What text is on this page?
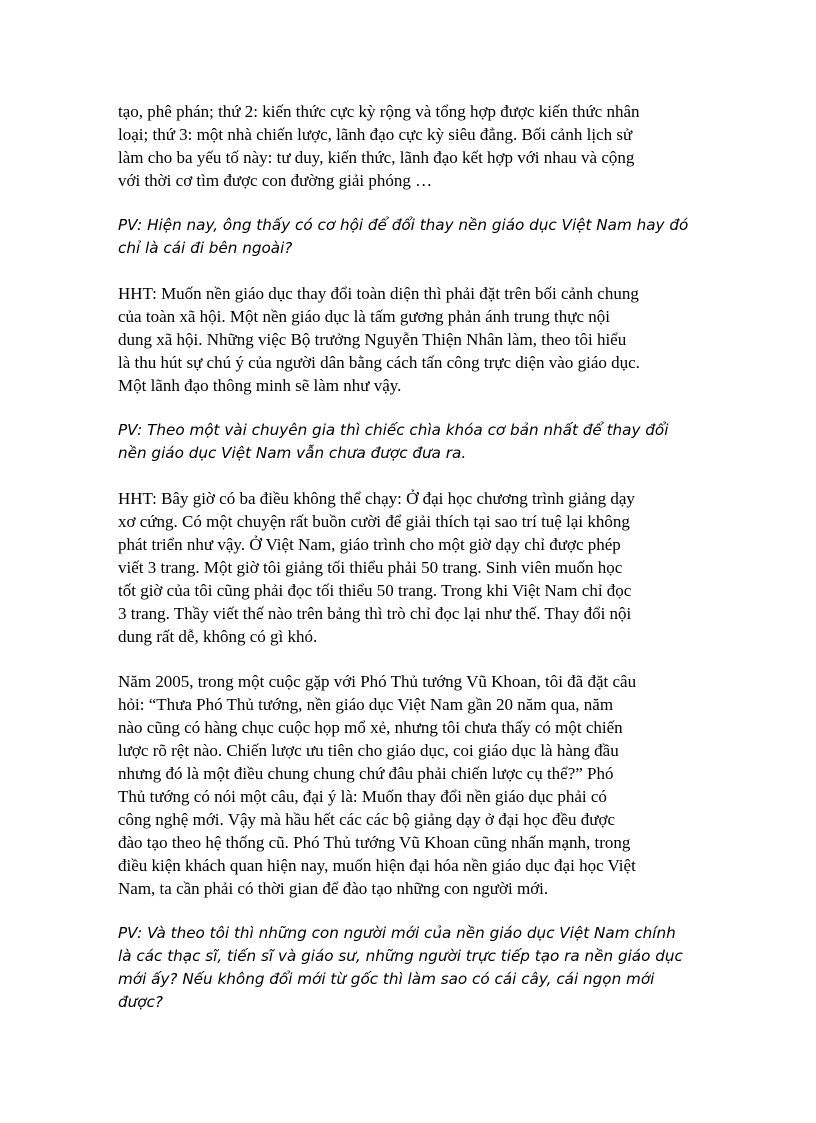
tạo, phê phán; thứ 2: kiến thức cực kỳ rộng và tổng hợp được kiến thức nhân
loại; thứ 3: một nhà chiến lược, lãnh đạo cực kỳ siêu đẳng. Bối cảnh lịch sử
làm cho ba yếu tố này: tư duy, kiến thức, lãnh đạo kết hợp với nhau và cộng
với thời cơ tìm được con đường giải phóng …

PV: Hiện nay, ông thấy có cơ hội để đổi thay nền giáo dục Việt Nam hay đó
chỉ là cái đi bên ngoài?

HHT: Muốn nền giáo dục thay đổi toàn diện thì phải đặt trên bối cảnh chung
của toàn xã hội. Một nền giáo dục là tấm gương phản ánh trung thực nội
dung xã hội. Những việc Bộ trưởng Nguyễn Thiện Nhân làm, theo tôi hiểu
là thu hút sự chú ý của người dân bằng cách tấn công trực diện vào giáo dục.
Một lãnh đạo thông minh sẽ làm như vậy.

PV: Theo một vài chuyên gia thì chiếc chìa khóa cơ bản nhất để thay đổi
nền giáo dục Việt Nam vẫn chưa được đưa ra.

HHT: Bây giờ có ba điều không thể chạy: Ở đại học chương trình giảng dạy
xơ cứng. Có một chuyện rất buồn cười để giải thích tại sao trí tuệ lại không
phát triển như vậy. Ở Việt Nam, giáo trình cho một giờ dạy chỉ được phép
viết 3 trang. Một giờ tôi giảng tối thiểu phải 50 trang. Sinh viên muốn học
tốt giờ của tôi cũng phải đọc tối thiểu 50 trang. Trong khi Việt Nam chỉ đọc
3 trang. Thầy viết thế nào trên bảng thì trò chỉ đọc lại như thế. Thay đổi nội
dung rất dễ, không có gì khó.

Năm 2005, trong một cuộc gặp với Phó Thủ tướng Vũ Khoan, tôi đã đặt câu
hỏi: “Thưa Phó Thủ tướng, nền giáo dục Việt Nam gần 20 năm qua, năm
nào cũng có hàng chục cuộc họp mổ xẻ, nhưng tôi chưa thấy có một chiến
lược rõ rệt nào. Chiến lược ưu tiên cho giáo dục, coi giáo dục là hàng đầu
nhưng đó là một điều chung chung chứ đâu phải chiến lược cụ thể?” Phó
Thủ tướng có nói một câu, đại ý là: Muốn thay đổi nền giáo dục phải có
công nghệ mới. Vậy mà hầu hết các các bộ giảng dạy ở đại học đều được
đào tạo theo hệ thống cũ. Phó Thủ tướng Vũ Khoan cũng nhấn mạnh, trong
điều kiện khách quan hiện nay, muốn hiện đại hóa nền giáo dục đại học Việt
Nam, ta cần phải có thời gian để đào tạo những con người mới.

PV: Và theo tôi thì những con người mới của nền giáo dục Việt Nam chính
là các thạc sĩ, tiến sĩ và giáo sư, những người trực tiếp tạo ra nền giáo dục
mới ấy? Nếu không đổi mới từ gốc thì làm sao có cái cây, cái ngọn mới
được?
